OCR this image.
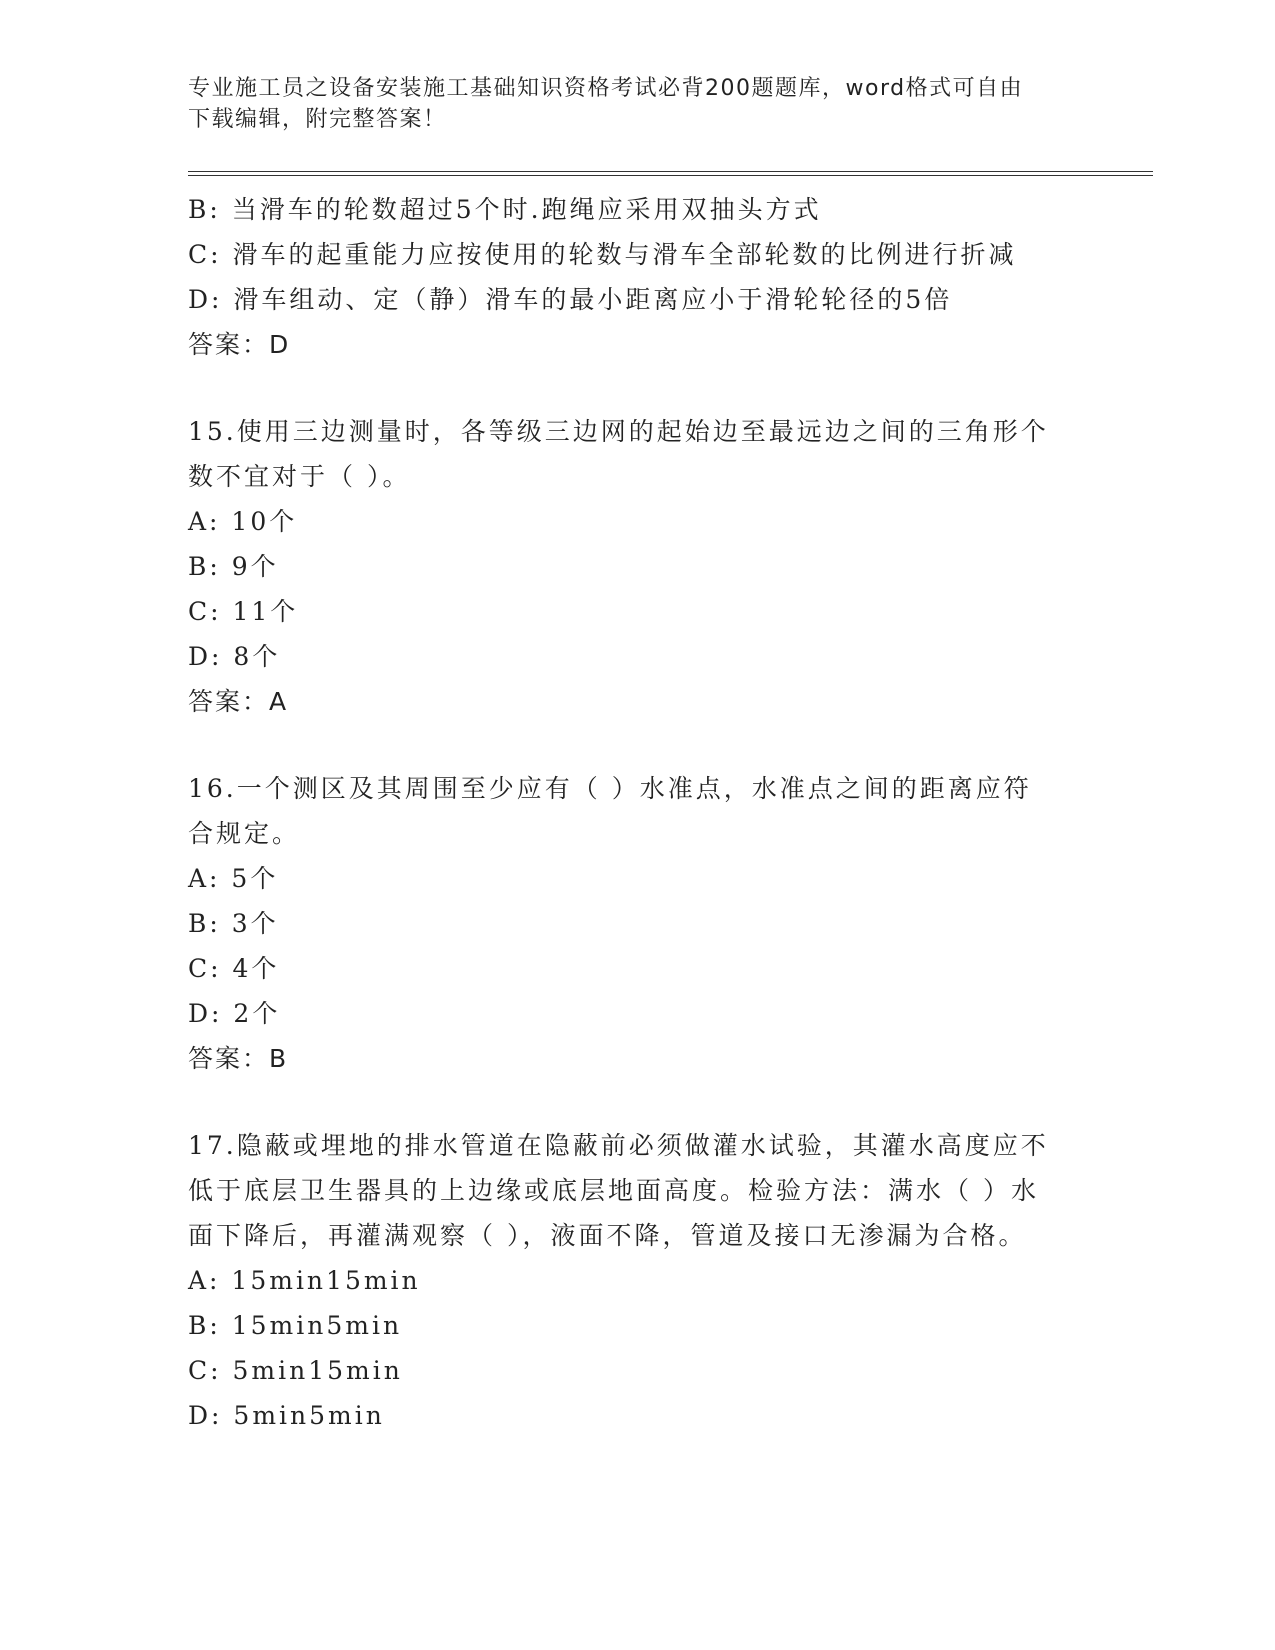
专业施工员之设备安装施工基础知识资格考试必背200题题库，word格式可自由
下载编辑，附完整答案！
B: 当滑车的轮数超过5个时.跑绳应采用双抽头方式
C: 滑车的起重能力应按使用的轮数与滑车全部轮数的比例进行折减
D: 滑车组动、定（静）滑车的最小距离应小于滑轮轮径的5倍
答案：D
15.使用三边测量时，各等级三边网的起始边至最远边之间的三角形个
数不宜对于（ ）。
A: 10个
B: 9个
C: 11个
D: 8个
答案：A
16.一个测区及其周围至少应有（ ）水准点，水准点之间的距离应符
合规定。
A: 5个
B: 3个
C: 4个
D: 2个
答案：B
17.隐蔽或埋地的排水管道在隐蔽前必须做灌水试验，其灌水高度应不
低于底层卫生器具的上边缘或底层地面高度。检验方法：满水（ ）水
面下降后，再灌满观察（ ），液面不降，管道及接口无渗漏为合格。
A: 15min15min
B: 15min5min
C: 5min15min
D: 5min5min
